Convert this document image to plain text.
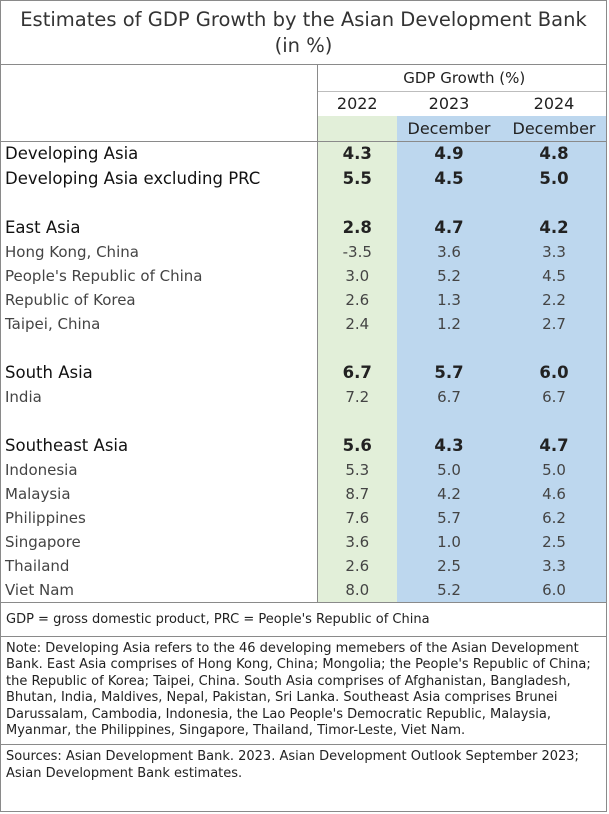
Estimates of GDP Growth by the Asian Development Bank
(in %)
	GDP Growth (%)		
	2022	2023	2024
		December	December
Developing Asia	4.3	4.9	4.8
Developing Asia excluding PRC	5.5	4.5	5.0

East Asia	2.8	4.7	4.2
Hong Kong, China	-3.5	3.6	3.3
People's Republic of China	3.0	5.2	4.5
Republic of Korea	2.6	1.3	2.2
Taipei, China	2.4	1.2	2.7

South Asia	6.7	5.7	6.0
India	7.2	6.7	6.7

Southeast Asia	5.6	4.3	4.7
Indonesia	5.3	5.0	5.0
Malaysia	8.7	4.2	4.6
Philippines	7.6	5.7	6.2
Singapore	3.6	1.0	2.5
Thailand	2.6	2.5	3.3
Viet Nam	8.0	5.2	6.0
GDP = gross domestic product, PRC = People's Republic of China
Note: Developing Asia refers to the 46 developing memebers of the Asian Development Bank. East Asia comprises of Hong Kong, China; Mongolia; the People's Republic of China; the Republic of Korea; Taipei, China. South Asia comprises of Afghanistan, Bangladesh, Bhutan, India, Maldives, Nepal, Pakistan, Sri Lanka. Southeast Asia comprises Brunei Darussalam, Cambodia, Indonesia, the Lao People's Democratic Republic, Malaysia, Myanmar, the Philippines, Singapore, Thailand, Timor-Leste, Viet Nam.
Sources: Asian Development Bank. 2023. Asian Development Outlook September 2023; Asian Development Bank estimates.
